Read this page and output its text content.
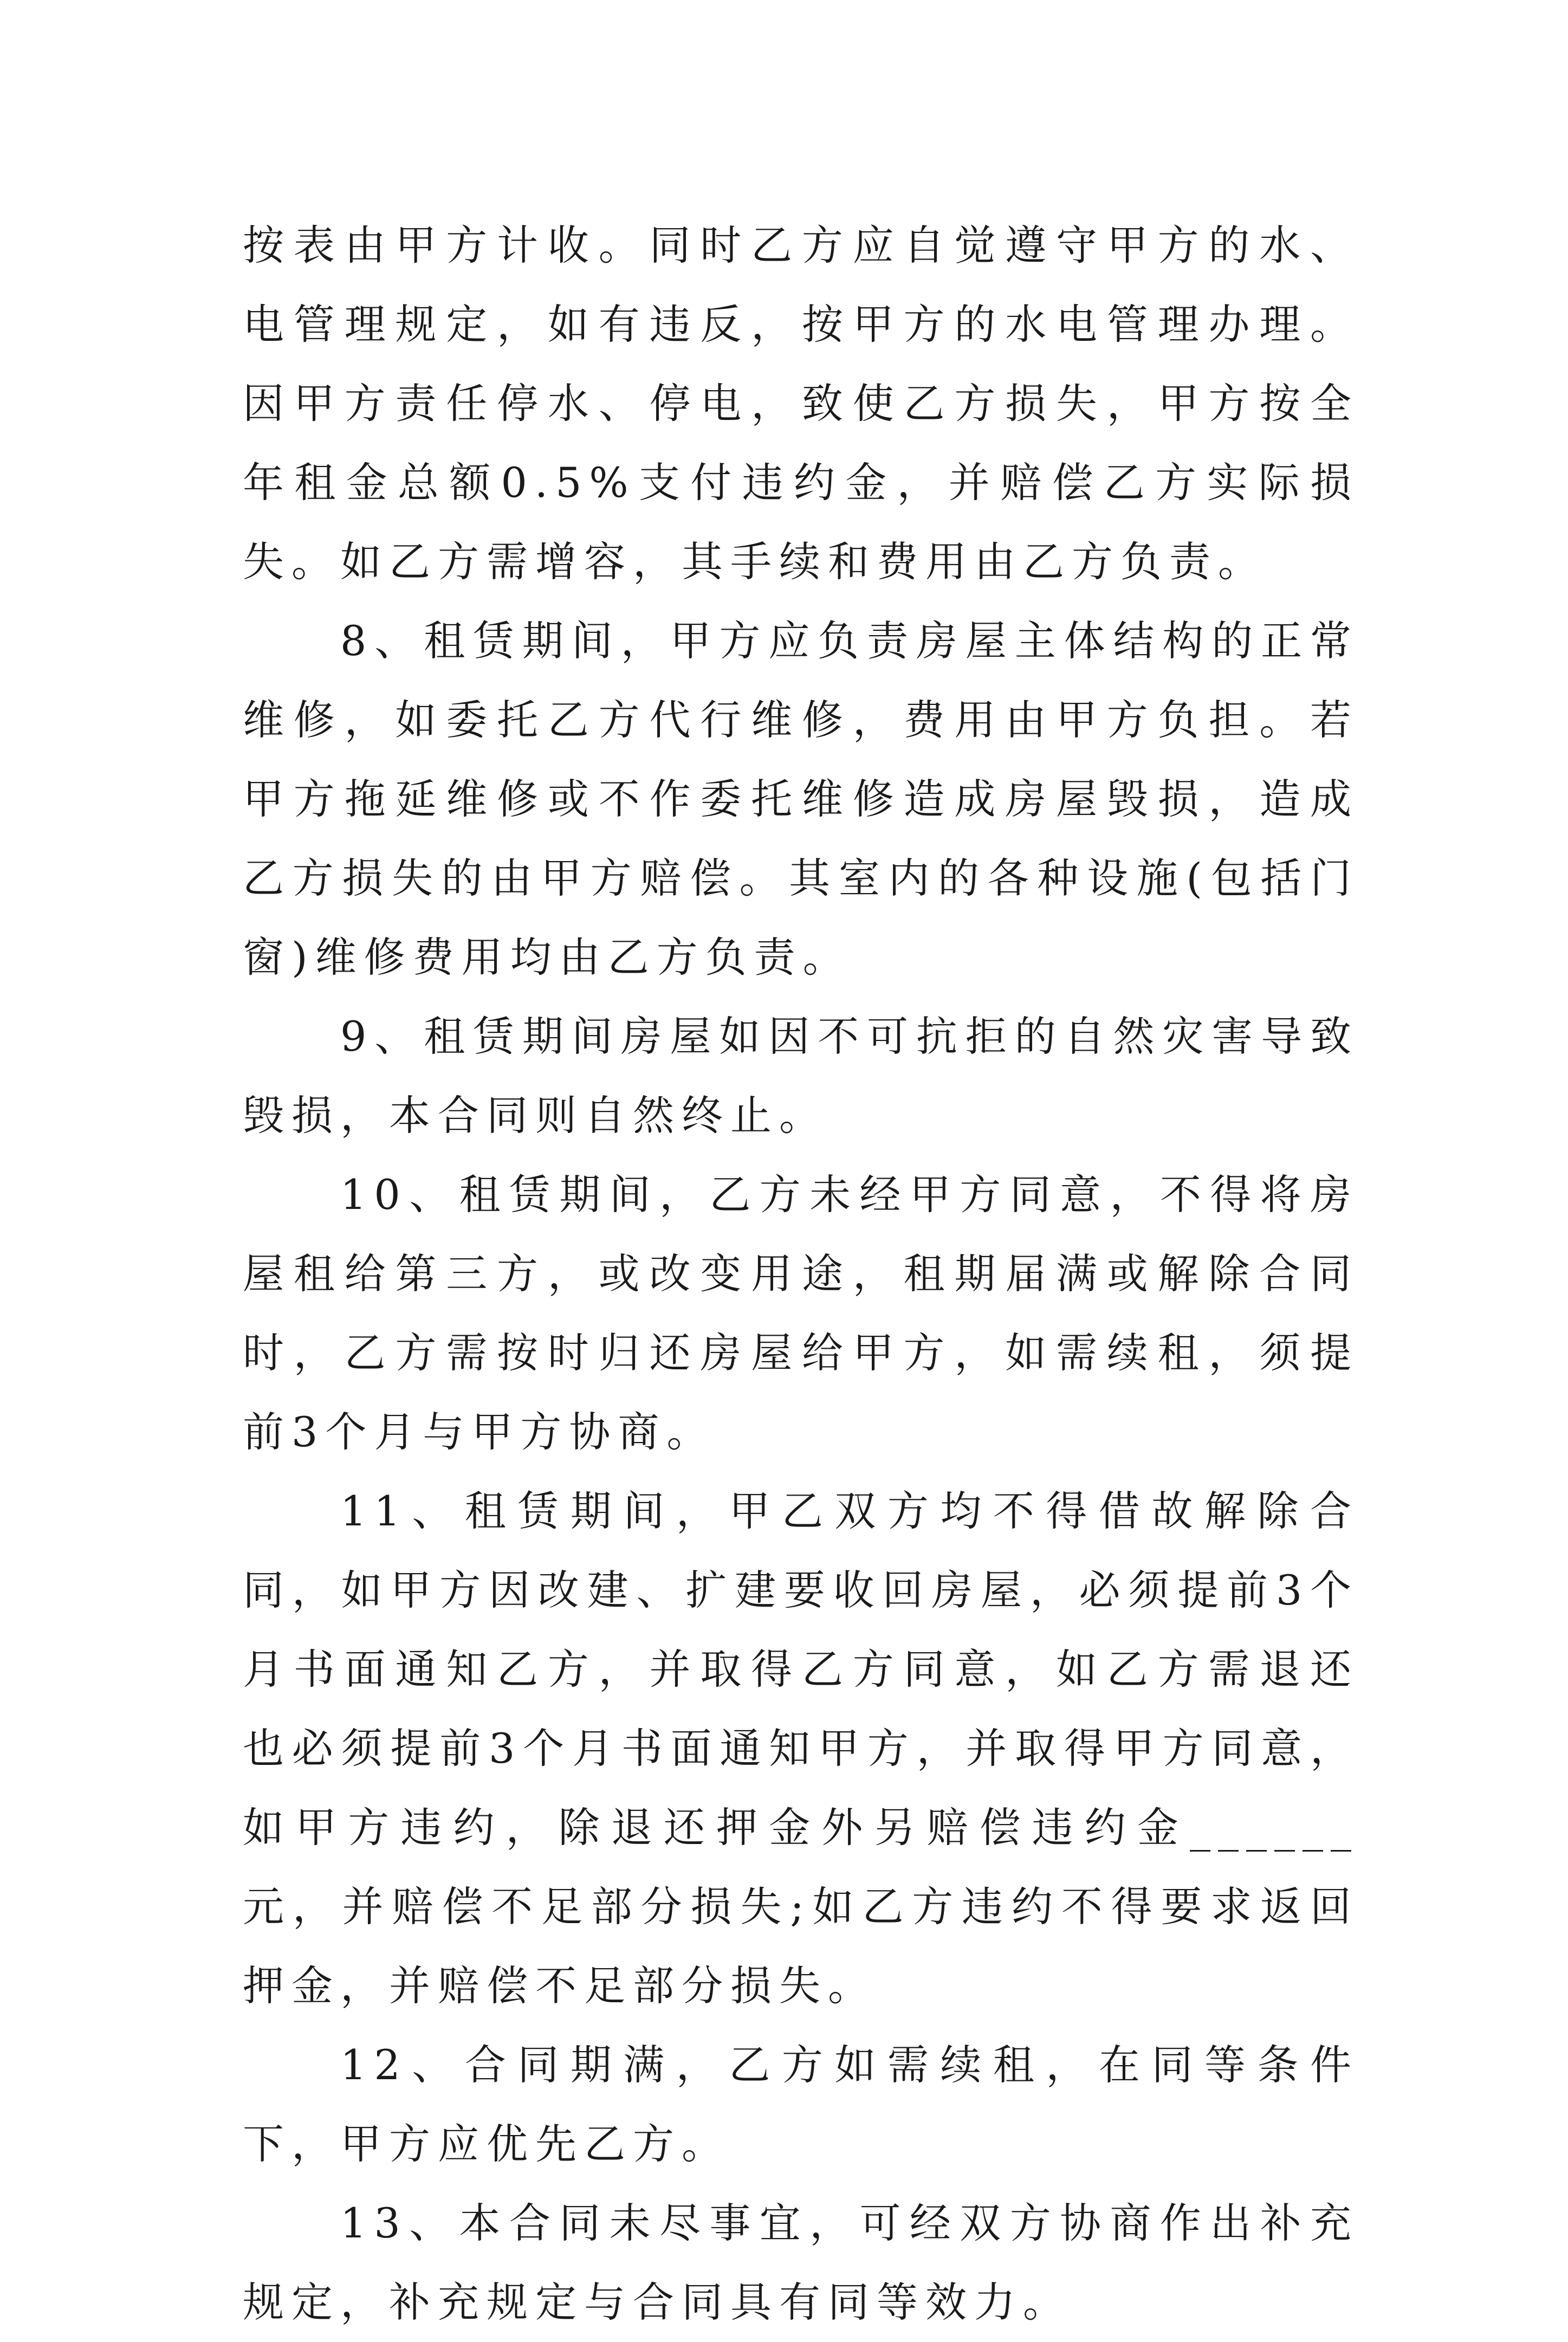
按表由甲方计收。同时乙方应自觉遵守甲方的水、电管理规定，如有违反，按甲方的水电管理办理。因甲方责任停水、停电，致使乙方损失，甲方按全年租金总额0.5%支付违约金，并赔偿乙方实际损失。如乙方需增容，其手续和费用由乙方负责。

8、租赁期间，甲方应负责房屋主体结构的正常维修，如委托乙方代行维修，费用由甲方负担。若甲方拖延维修或不作委托维修造成房屋毁损，造成乙方损失的由甲方赔偿。其室内的各种设施(包括门窗)维修费用均由乙方负责。

9、租赁期间房屋如因不可抗拒的自然灾害导致毁损，本合同则自然终止。

10、租赁期间，乙方未经甲方同意，不得将房屋租给第三方，或改变用途，租期届满或解除合同时，乙方需按时归还房屋给甲方，如需续租，须提前3个月与甲方协商。

11、租赁期间，甲乙双方均不得借故解除合同，如甲方因改建、扩建要收回房屋，必须提前3个月书面通知乙方，并取得乙方同意，如乙方需退还也必须提前3个月书面通知甲方，并取得甲方同意，如甲方违约，除退还押金外另赔偿违约金______元，并赔偿不足部分损失;如乙方违约不得要求返回押金，并赔偿不足部分损失。

12、合同期满，乙方如需续租，在同等条件下，甲方应优先乙方。

13、本合同未尽事宜，可经双方协商作出补充规定，补充规定与合同具有同等效力。
